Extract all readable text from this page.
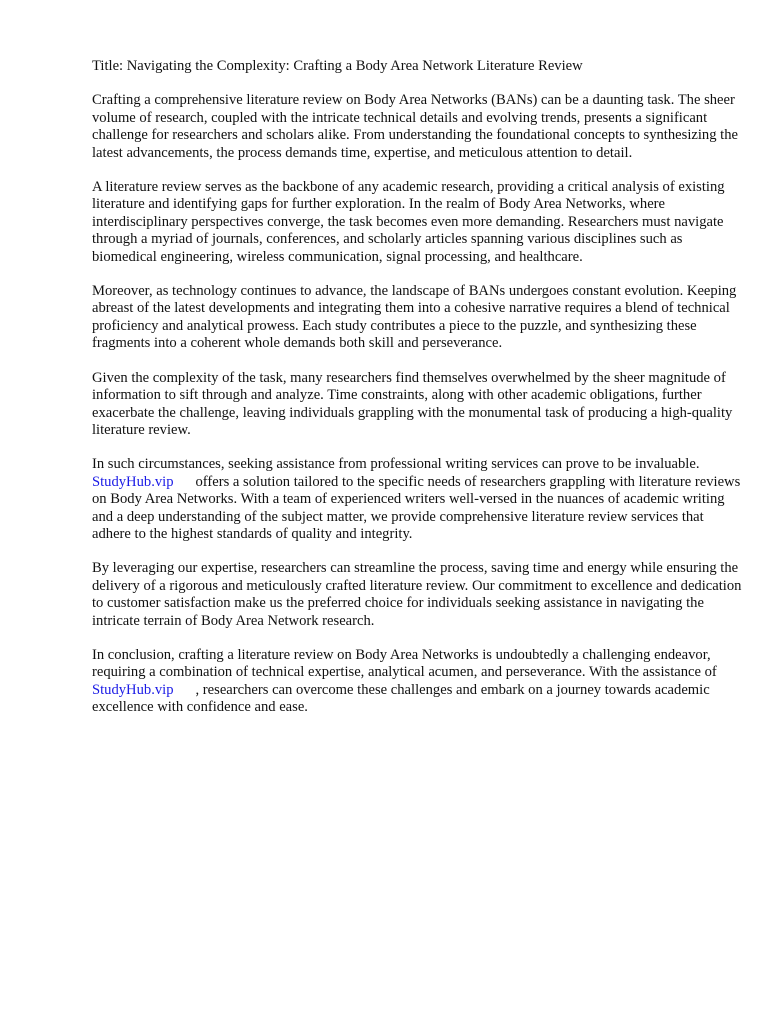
Title: Navigating the Complexity: Crafting a Body Area Network Literature Review

Crafting a comprehensive literature review on Body Area Networks (BANs) can be a daunting task. The sheer volume of research, coupled with the intricate technical details and evolving trends, presents a significant challenge for researchers and scholars alike. From understanding the foundational concepts to synthesizing the latest advancements, the process demands time, expertise, and meticulous attention to detail.

A literature review serves as the backbone of any academic research, providing a critical analysis of existing literature and identifying gaps for further exploration. In the realm of Body Area Networks, where interdisciplinary perspectives converge, the task becomes even more demanding. Researchers must navigate through a myriad of journals, conferences, and scholarly articles spanning various disciplines such as biomedical engineering, wireless communication, signal processing, and healthcare.

Moreover, as technology continues to advance, the landscape of BANs undergoes constant evolution. Keeping abreast of the latest developments and integrating them into a cohesive narrative requires a blend of technical proficiency and analytical prowess. Each study contributes a piece to the puzzle, and synthesizing these fragments into a coherent whole demands both skill and perseverance.

Given the complexity of the task, many researchers find themselves overwhelmed by the sheer magnitude of information to sift through and analyze. Time constraints, along with other academic obligations, further exacerbate the challenge, leaving individuals grappling with the monumental task of producing a high-quality literature review.

In such circumstances, seeking assistance from professional writing services can prove to be invaluable.StudyHub.vip offers a solution tailored to the specific needs of researchers grappling with literature reviews on Body Area Networks. With a team of experienced writers well-versed in the nuances of academic writing and a deep understanding of the subject matter, we provide comprehensive literature review services that adhere to the highest standards of quality and integrity.

By leveraging our expertise, researchers can streamline the process, saving time and energy while ensuring the delivery of a rigorous and meticulously crafted literature review. Our commitment to excellence and dedication to customer satisfaction make us the preferred choice for individuals seeking assistance in navigating the intricate terrain of Body Area Network research.

In conclusion, crafting a literature review on Body Area Networks is undoubtedly a challenging endeavor, requiring a combination of technical expertise, analytical acumen, and perseverance. With the assistance ofStudyHub.vip , researchers can overcome these challenges and embark on a journey towards academic excellence with confidence and ease.
